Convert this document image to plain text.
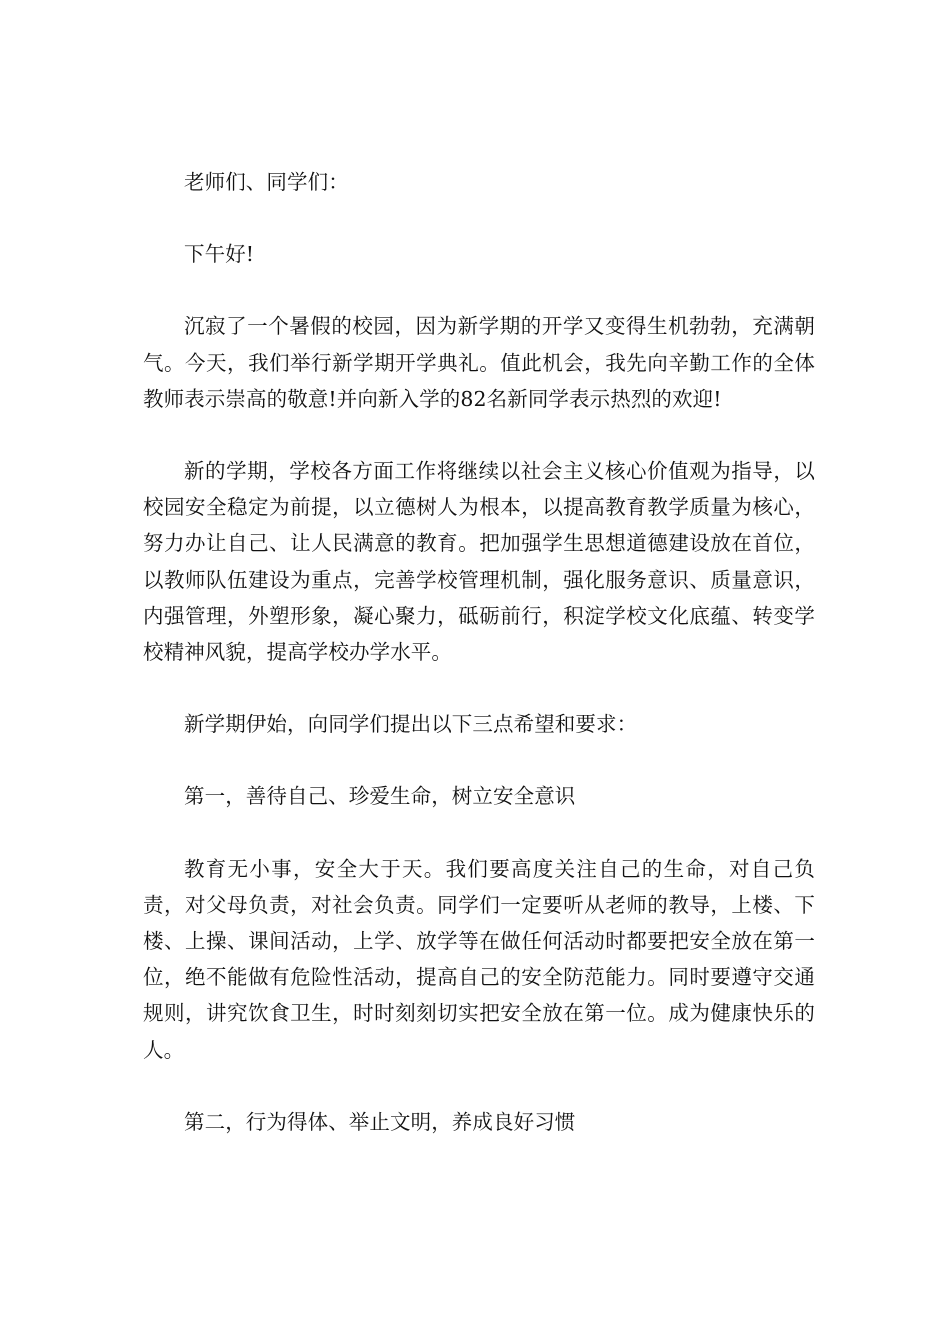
老师们、同学们：

下午好!

沉寂了一个暑假的校园，因为新学期的开学又变得生机勃勃，充满朝气。今天，我们举行新学期开学典礼。值此机会，我先向辛勤工作的全体教师表示崇高的敬意!并向新入学的82名新同学表示热烈的欢迎!

新的学期，学校各方面工作将继续以社会主义核心价值观为指导，以校园安全稳定为前提，以立德树人为根本，以提高教育教学质量为核心，努力办让自己、让人民满意的教育。把加强学生思想道德建设放在首位，以教师队伍建设为重点，完善学校管理机制，强化服务意识、质量意识，内强管理，外塑形象，凝心聚力，砥砺前行，积淀学校文化底蕴、转变学校精神风貌，提高学校办学水平。

新学期伊始，向同学们提出以下三点希望和要求：

第一，善待自己、珍爱生命，树立安全意识

教育无小事，安全大于天。我们要高度关注自己的生命，对自己负责，对父母负责，对社会负责。同学们一定要听从老师的教导，上楼、下楼、上操、课间活动，上学、放学等在做任何活动时都要把安全放在第一位，绝不能做有危险性活动，提高自己的安全防范能力。同时要遵守交通规则，讲究饮食卫生，时时刻刻切实把安全放在第一位。成为健康快乐的人。

第二，行为得体、举止文明，养成良好习惯
